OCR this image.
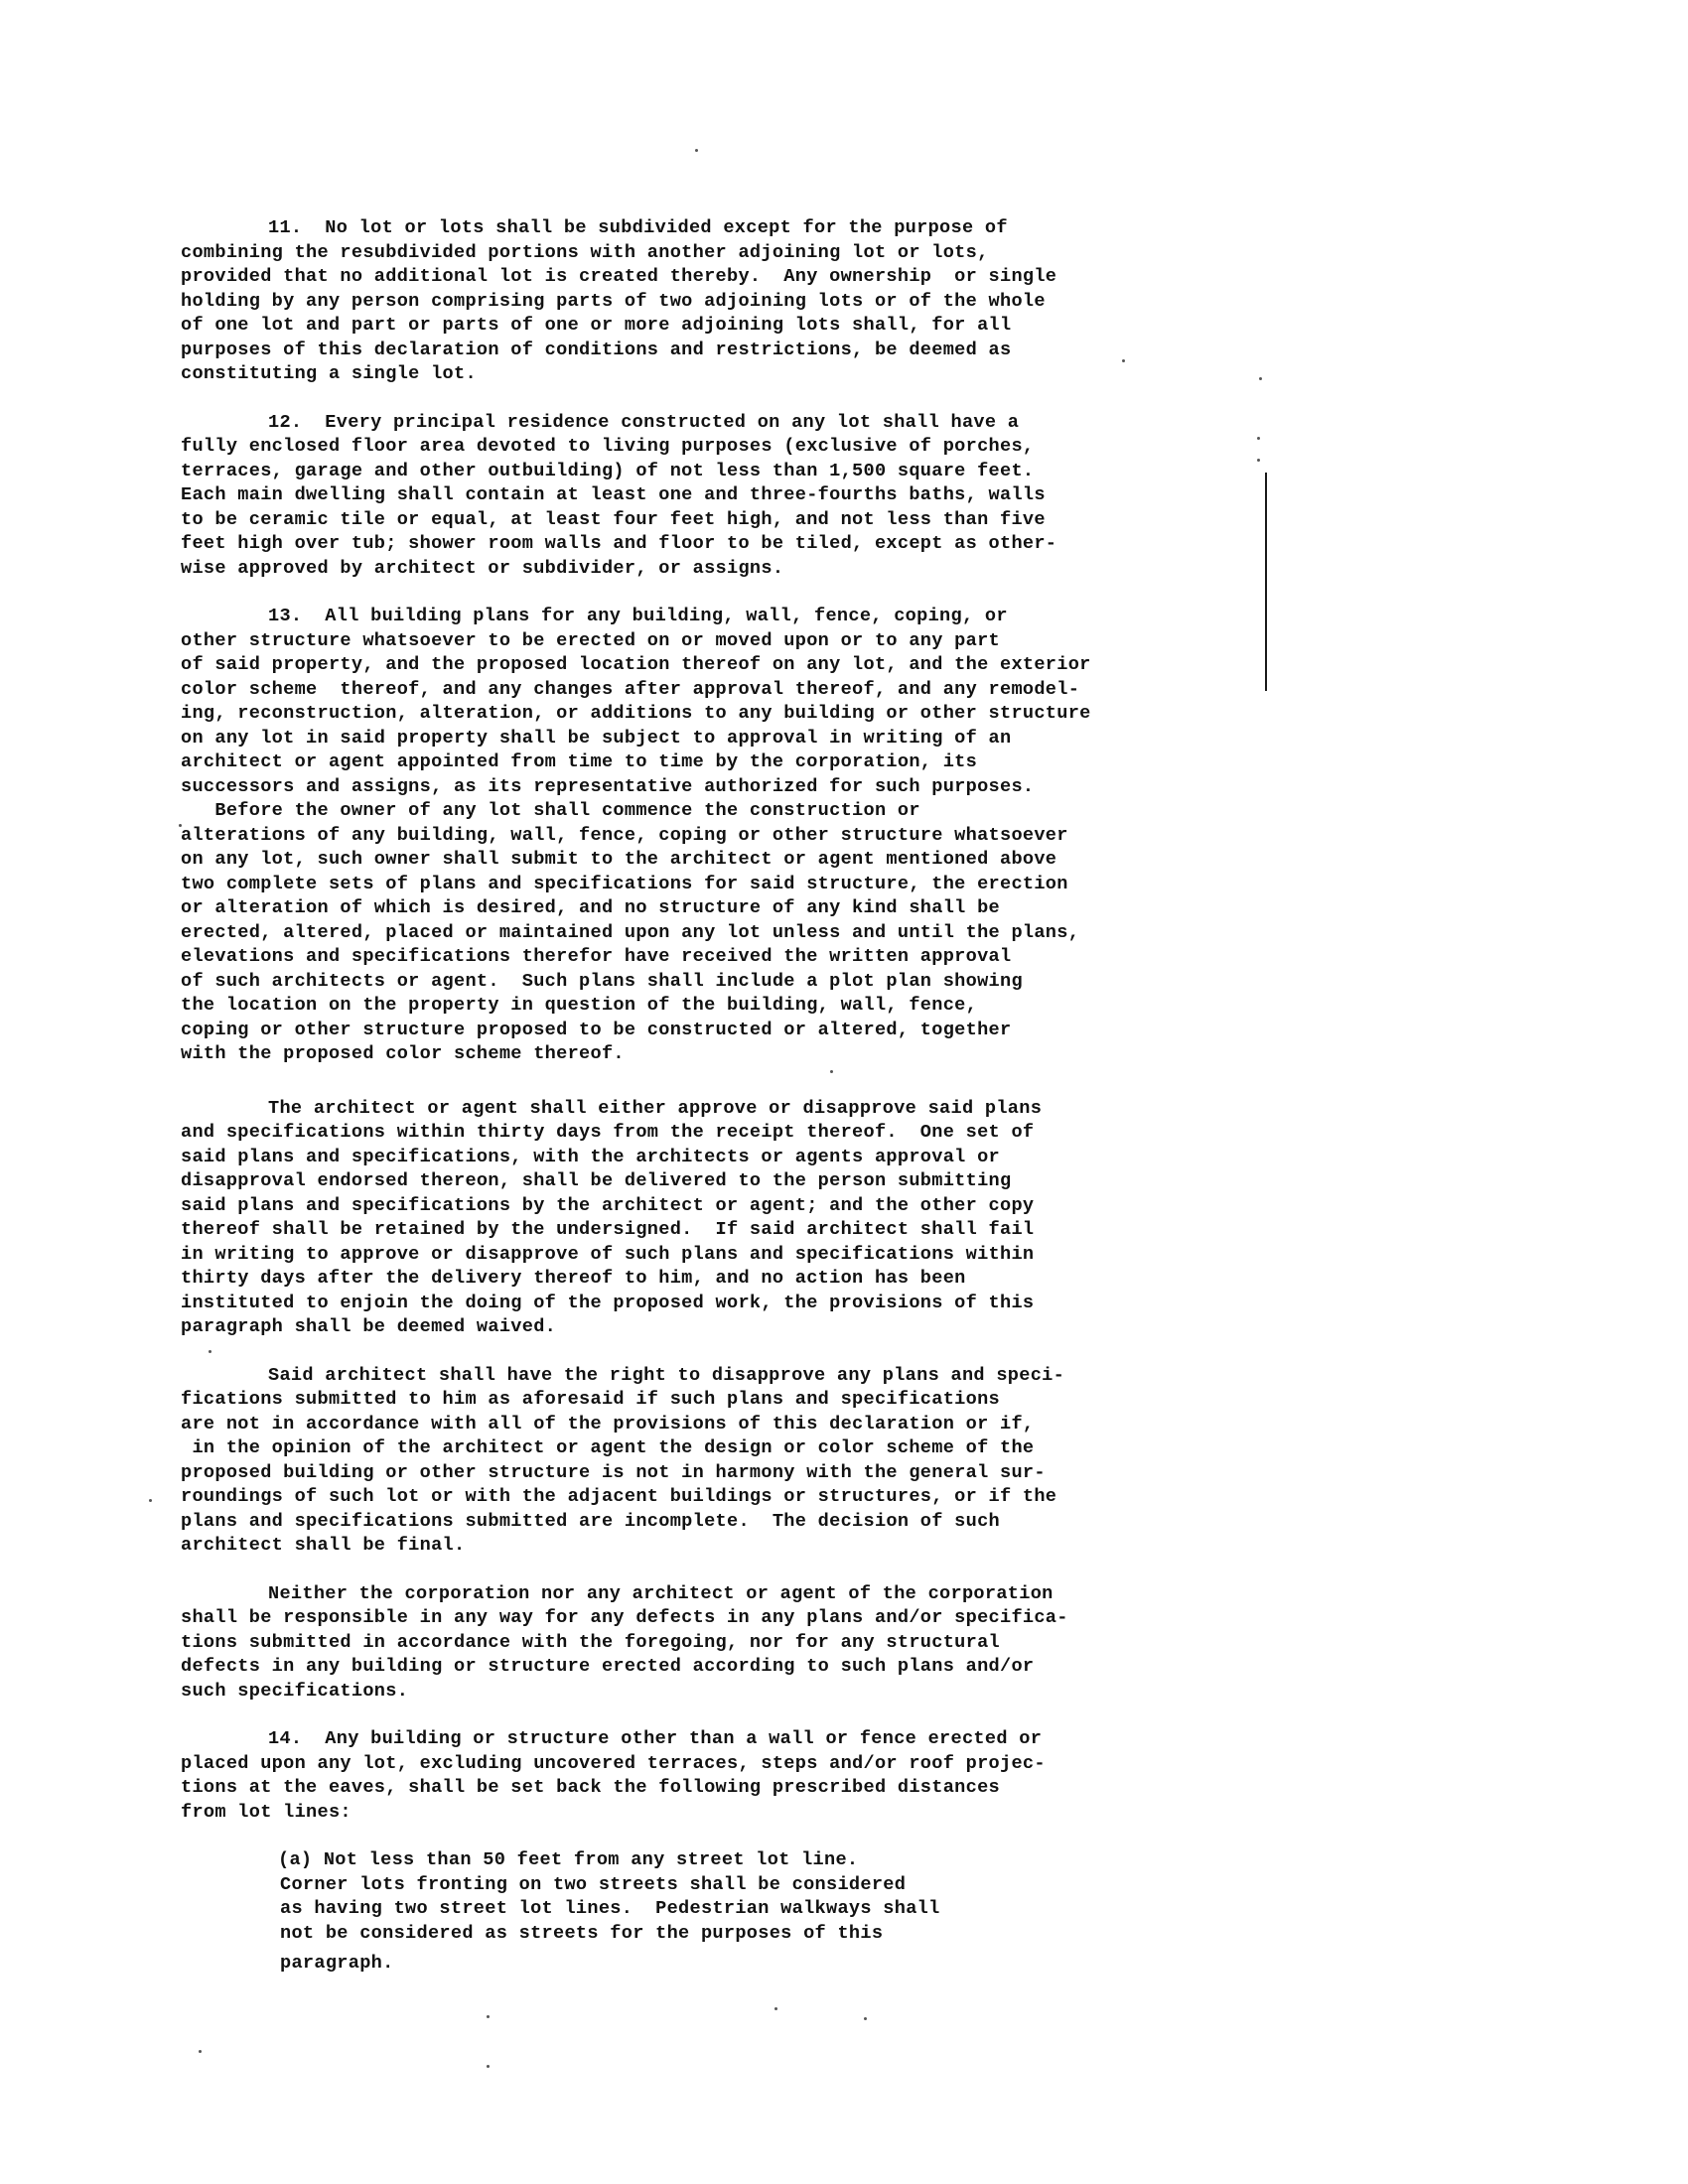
11.  No lot or lots shall be subdivided except for the purpose of
combining the resubdivided portions with another adjoining lot or lots,
provided that no additional lot is created thereby.  Any ownership  or single
holding by any person comprising parts of two adjoining lots or of the whole
of one lot and part or parts of one or more adjoining lots shall, for all
purposes of this declaration of conditions and restrictions, be deemed as
constituting a single lot.
12.  Every principal residence constructed on any lot shall have a
fully enclosed floor area devoted to living purposes (exclusive of porches,
terraces, garage and other outbuilding) of not less than 1,500 square feet.
Each main dwelling shall contain at least one and three-fourths baths, walls
to be ceramic tile or equal, at least four feet high, and not less than five
feet high over tub; shower room walls and floor to be tiled, except as other-
wise approved by architect or subdivider, or assigns.
13.  All building plans for any building, wall, fence, coping, or
other structure whatsoever to be erected on or moved upon or to any part
of said property, and the proposed location thereof on any lot, and the exterior
color scheme  thereof, and any changes after approval thereof, and any remodel-
ing, reconstruction, alteration, or additions to any building or other structure
on any lot in said property shall be subject to approval in writing of an
architect or agent appointed from time to time by the corporation, its
successors and assigns, as its representative authorized for such purposes.
Before the owner of any lot shall commence the construction or
alterations of any building, wall, fence, coping or other structure whatsoever
on any lot, such owner shall submit to the architect or agent mentioned above
two complete sets of plans and specifications for said structure, the erection
or alteration of which is desired, and no structure of any kind shall be
erected, altered, placed or maintained upon any lot unless and until the plans,
elevations and specifications therefor have received the written approval
of such architects or agent.  Such plans shall include a plot plan showing
the location on the property in question of the building, wall, fence,
coping or other structure proposed to be constructed or altered, together
with the proposed color scheme thereof.
The architect or agent shall either approve or disapprove said plans
and specifications within thirty days from the receipt thereof.  One set of
said plans and specifications, with the architects or agents approval or
disapproval endorsed thereon, shall be delivered to the person submitting
said plans and specifications by the architect or agent; and the other copy
thereof shall be retained by the undersigned.  If said architect shall fail
in writing to approve or disapprove of such plans and specifications within
thirty days after the delivery thereof to him, and no action has been
instituted to enjoin the doing of the proposed work, the provisions of this
paragraph shall be deemed waived.
Said architect shall have the right to disapprove any plans and speci-
fications submitted to him as aforesaid if such plans and specifications
are not in accordance with all of the provisions of this declaration or if,
in the opinion of the architect or agent the design or color scheme of the
proposed building or other structure is not in harmony with the general sur-
roundings of such lot or with the adjacent buildings or structures, or if the
plans and specifications submitted are incomplete.  The decision of such
architect shall be final.
Neither the corporation nor any architect or agent of the corporation
shall be responsible in any way for any defects in any plans and/or specifica-
tions submitted in accordance with the foregoing, nor for any structural
defects in any building or structure erected according to such plans and/or
such specifications.
14.  Any building or structure other than a wall or fence erected or
placed upon any lot, excluding uncovered terraces, steps and/or roof projec-
tions at the eaves, shall be set back the following prescribed distances
from lot lines:
(a) Not less than 50 feet from any street lot line.
Corner lots fronting on two streets shall be considered
as having two street lot lines.  Pedestrian walkways shall
not be considered as streets for the purposes of this
paragraph.
